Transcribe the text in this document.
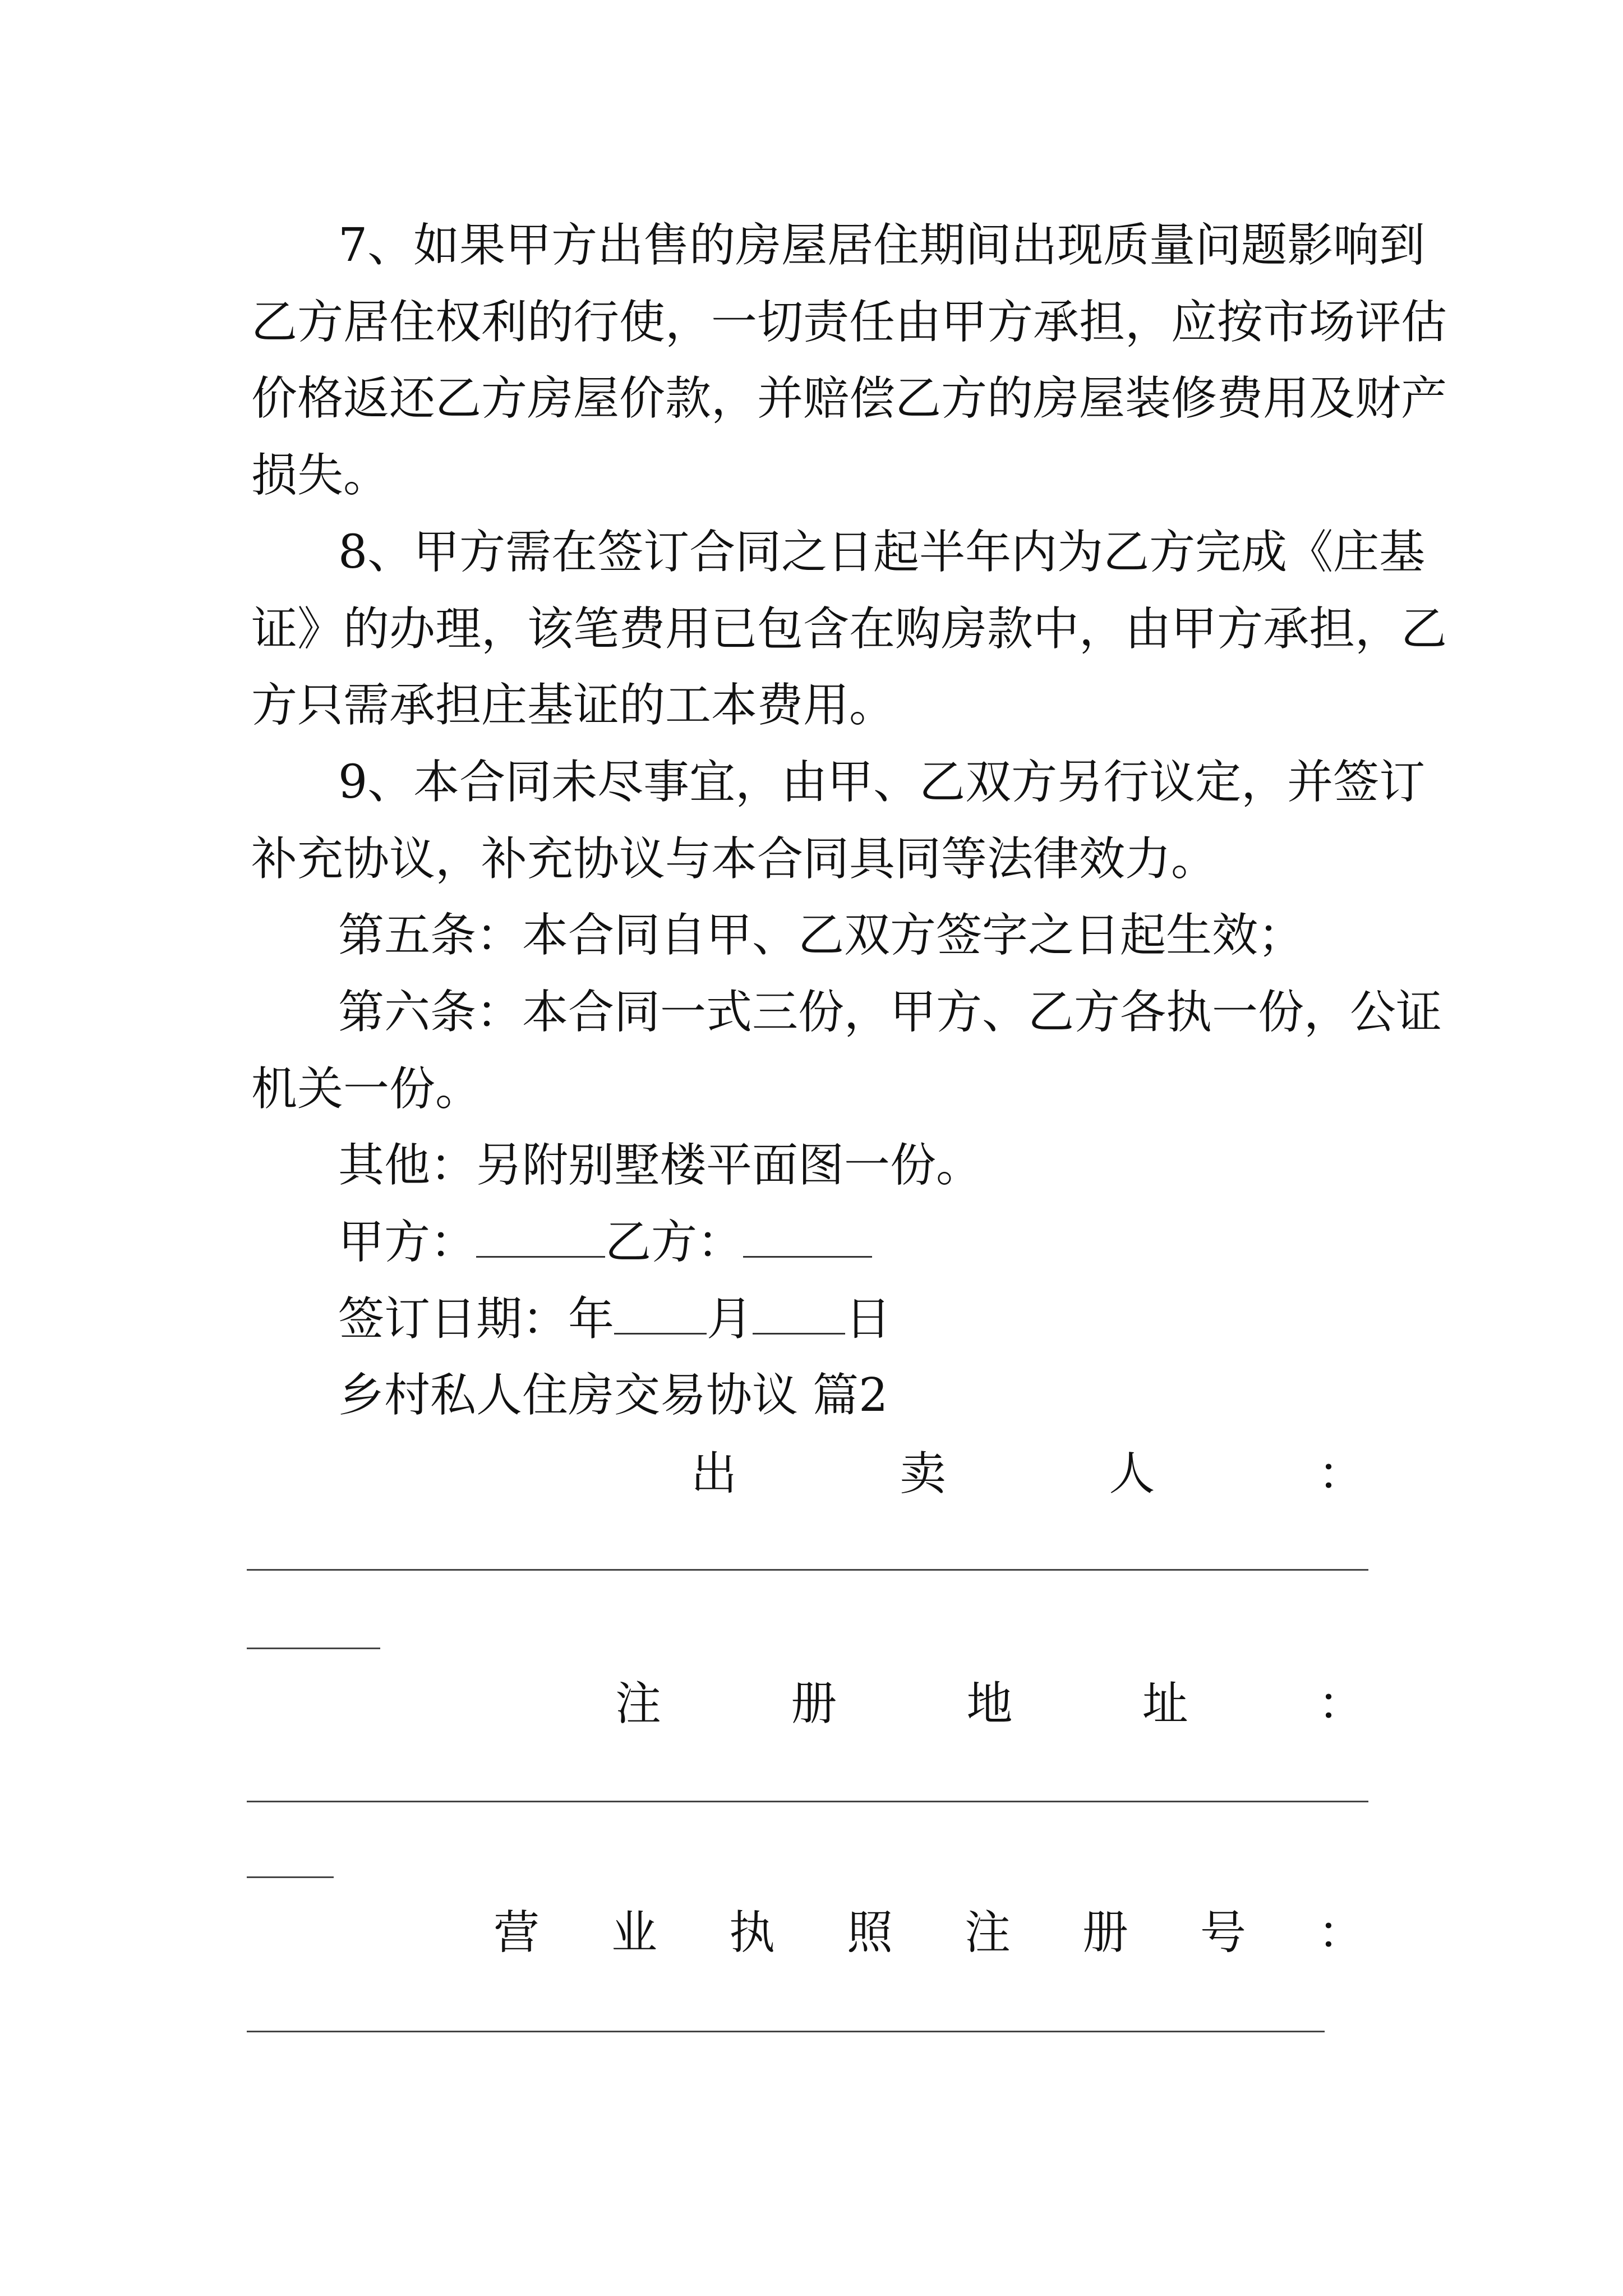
7、如果甲方出售的房屋居住期间出现质量问题影响到
乙方居住权利的行使，一切责任由甲方承担，应按市场评估
价格返还乙方房屋价款，并赔偿乙方的房屋装修费用及财产
损失。
8、甲方需在签订合同之日起半年内为乙方完成《庄基
证》的办理，该笔费用已包含在购房款中，由甲方承担，乙
方只需承担庄基证的工本费用。
9、本合同未尽事宜，由甲、乙双方另行议定，并签订
补充协议，补充协议与本合同具同等法律效力。
第五条：本合同自甲、乙双方签字之日起生效；
第六条：本合同一式三份，甲方、乙方各执一份，公证
机关一份。
其他：另附别墅楼平面图一份。
甲方：	乙方：
签订日期：年 月 日
乡村私人住房交易协议 篇2
出	卖	人	：
注	册	地	址	：
营 业 执 照 注 册 号 ：
